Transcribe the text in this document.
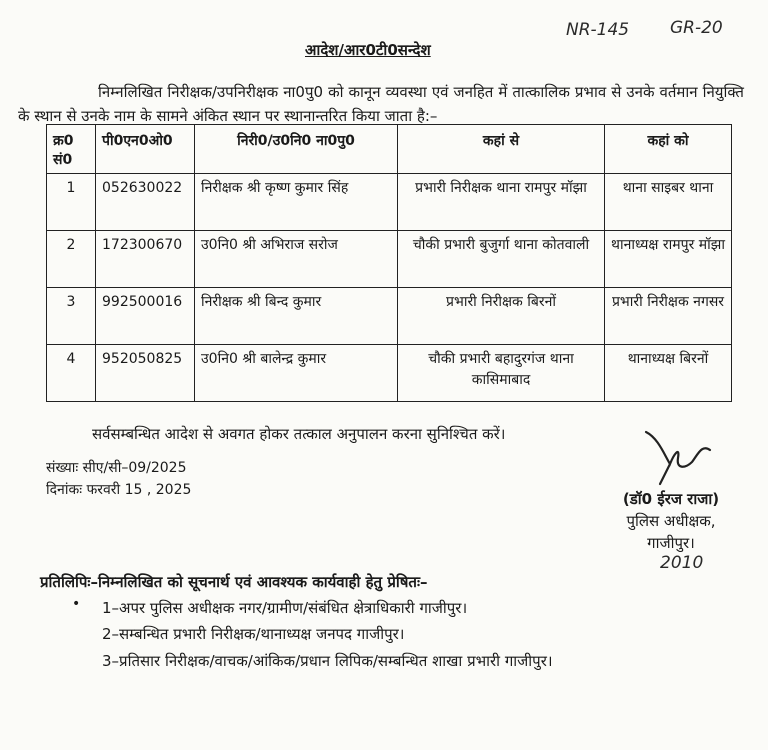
NR-145 GR-20
आदेश/आर0टी0सन्देश
निम्नलिखित निरीक्षक/उपनिरीक्षक ना0पु0 को कानून व्यवस्था एवं जनहित में तात्कालिक प्रभाव से उनके वर्तमान नियुक्ति के स्थान से उनके नाम के सामने अंकित स्थान पर स्थानान्तरित किया जाता है:–
क्र0 सं0	पी0एन0ओ0	निरी0/उ0नि0 ना0पु0	कहां से	कहां को
1	052630022	निरीक्षक श्री कृष्ण कुमार सिंह	प्रभारी निरीक्षक थाना रामपुर मॉझा	थाना साइबर थाना
2	172300670	उ0नि0 श्री अभिराज सरोज	चौकी प्रभारी बुजुर्गा थाना कोतवाली	थानाध्यक्ष रामपुर मॉझा
3	992500016	निरीक्षक श्री बिन्द कुमार	प्रभारी निरीक्षक बिरनों	प्रभारी निरीक्षक नगसर
4	952050825	उ0नि0 श्री बालेन्द्र कुमार	चौकी प्रभारी बहादुरगंज थाना कासिमाबाद	थानाध्यक्ष बिरनों
सर्वसम्बन्धित आदेश से अवगत होकर तत्काल अनुपालन करना सुनिश्चित करें।
संख्याः सीए/सी–09/2025
दिनांकः फरवरी 15 , 2025	(डॉ0 ईरज राजा)
पुलिस अधीक्षक,
गाजीपुर।
2010
प्रतिलिपिः–निम्नलिखित को सूचनार्थ एवं आवश्यक कार्यवाही हेतु प्रेषितः–
• 1–अपर पुलिस अधीक्षक नगर/ग्रामीण/संबंधित क्षेत्राधिकारी गाजीपुर।
2–सम्बन्धित प्रभारी निरीक्षक/थानाध्यक्ष जनपद गाजीपुर।
3–प्रतिसार निरीक्षक/वाचक/आंकिक/प्रधान लिपिक/सम्बन्धित शाखा प्रभारी गाजीपुर।
